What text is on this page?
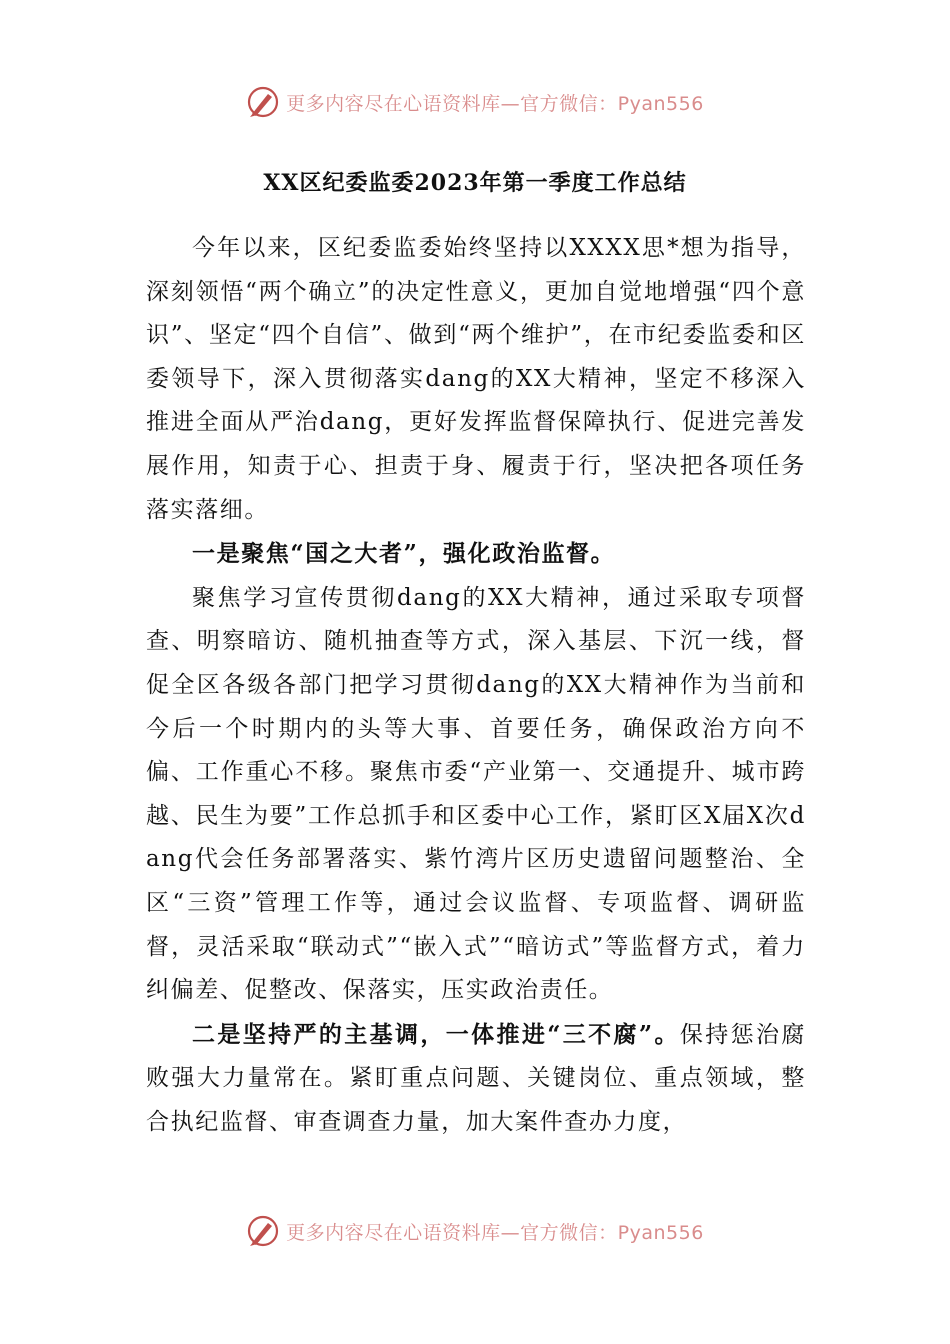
更多内容尽在心语资料库—官方微信：Pyan556
XX区纪委监委2023年第一季度工作总结

今年以来，区纪委监委始终坚持以XXXX思*想为指导，深刻领悟“两个确立”的决定性意义，更加自觉地增强“四个意识”、坚定“四个自信”、做到“两个维护”，在市纪委监委和区委领导下，深入贯彻落实dang的XX大精神，坚定不移深入推进全面从严治dang，更好发挥监督保障执行、促进完善发展作用，知责于心、担责于身、履责于行，坚决把各项任务落实落细。

一是聚焦“国之大者”，强化政治监督。

聚焦学习宣传贯彻dang的XX大精神，通过采取专项督查、明察暗访、随机抽查等方式，深入基层、下沉一线，督促全区各级各部门把学习贯彻dang的XX大精神作为当前和今后一个时期内的头等大事、首要任务，确保政治方向不偏、工作重心不移。聚焦市委“产业第一、交通提升、城市跨越、民生为要”工作总抓手和区委中心工作，紧盯区X届X次dang代会任务部署落实、紫竹湾片区历史遗留问题整治、全区“三资”管理工作等，通过会议监督、专项监督、调研监督，灵活采取“联动式”“嵌入式”“暗访式”等监督方式，着力纠偏差、促整改、保落实，压实政治责任。

二是坚持严的主基调，一体推进“三不腐”。保持惩治腐败强大力量常在。紧盯重点问题、关键岗位、重点领域，整合执纪监督、审查调查力量，加大案件查办力度，

更多内容尽在心语资料库—官方微信：Pyan556
